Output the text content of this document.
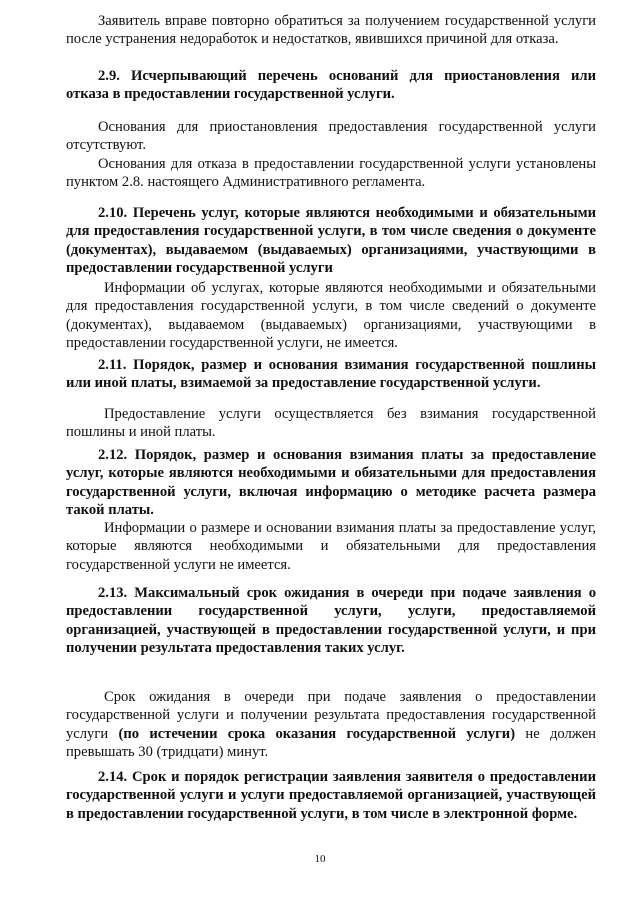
Заявитель вправе повторно обратиться за получением государственной услуги после устранения недоработок и недостатков, явившихся причиной для отказа.

2.9. Исчерпывающий перечень оснований для приостановления или отказа в предоставлении государственной услуги.

Основания для приостановления предоставления государственной услуги отсутствуют.

Основания для отказа в предоставлении государственной услуги установлены пунктом 2.8. настоящего Административного регламента.

2.10. Перечень услуг, которые являются необходимыми и обязательными для предоставления государственной услуги, в том числе сведения о документе (документах), выдаваемом (выдаваемых) организациями, участвующими в предоставлении государственной услуги

Информации об услугах, которые являются необходимыми и обязательными для предоставления государственной услуги, в том числе сведений о документе (документах), выдаваемом (выдаваемых) организациями, участвующими в предоставлении государственной услуги, не имеется.

2.11. Порядок, размер и основания взимания государственной пошлины или иной платы, взимаемой за предоставление государственной услуги.

Предоставление услуги осуществляется без взимания государственной пошлины и иной платы.

2.12. Порядок, размер и основания взимания платы за предоставление услуг, которые являются необходимыми и обязательными для предоставления государственной услуги, включая информацию о методике расчета размера такой платы.

Информации о размере и основании взимания платы за предоставление услуг, которые являются необходимыми и обязательными для предоставления государственной услуги не имеется.

2.13. Максимальный срок ожидания в очереди при подаче заявления о предоставлении государственной услуги, услуги, предоставляемой организацией, участвующей в предоставлении государственной услуги, и при получении результата предоставления таких услуг.

Срок ожидания в очереди при подаче заявления о предоставлении государственной услуги и получении результата предоставления государственной услуги (по истечении срока оказания государственной услуги) не должен превышать 30 (тридцати) минут.

2.14. Срок и порядок регистрации заявления заявителя о предоставлении государственной услуги и услуги предоставляемой организацией, участвующей в предоставлении государственной услуги, в том числе в электронной форме.

10
